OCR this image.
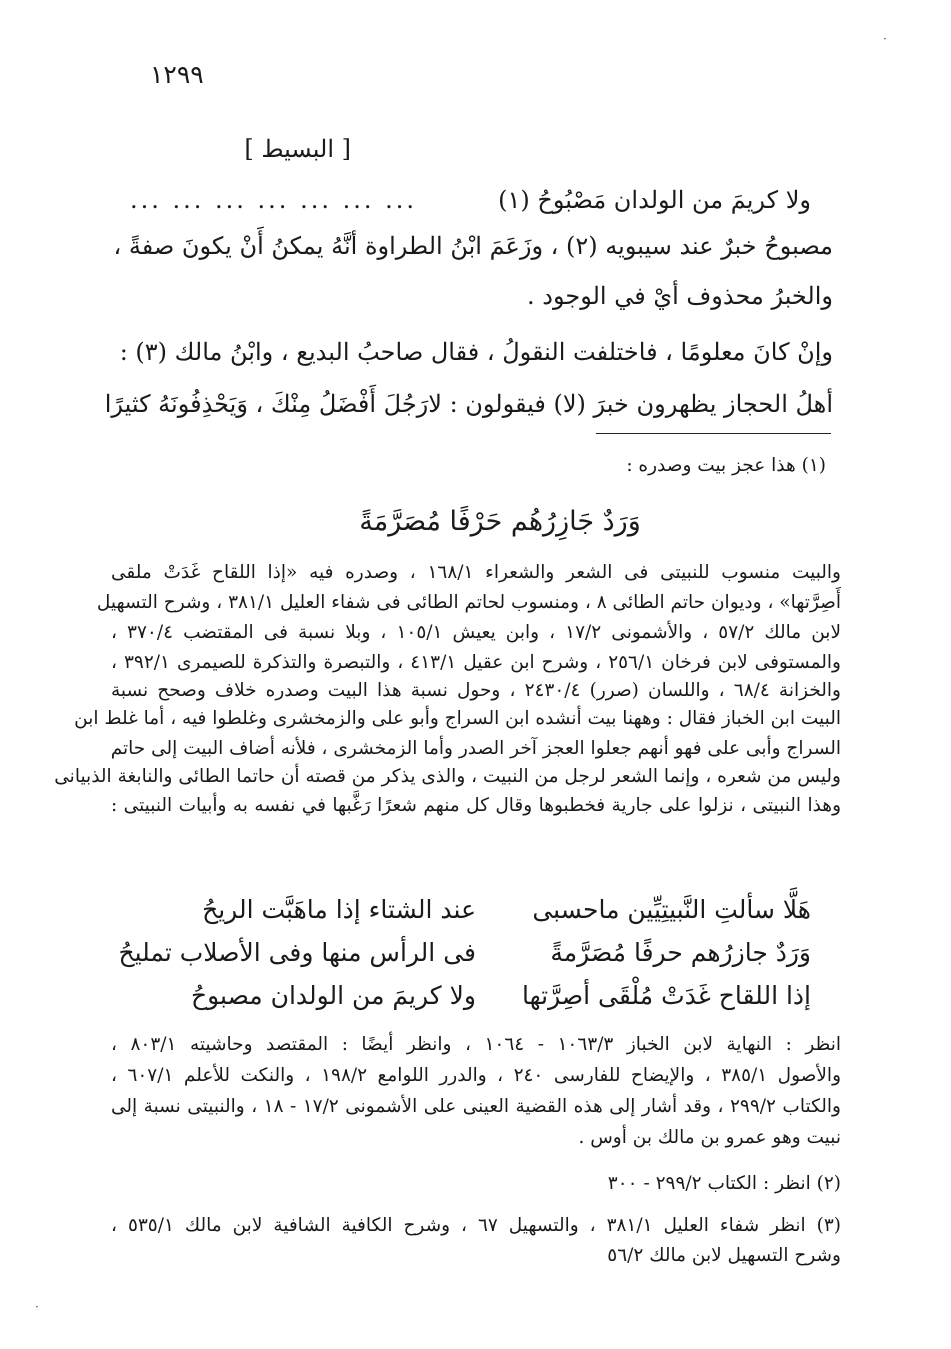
١٢٩٩
[ البسيط ]
... ... ... ... ... ... ...	ولا كريمَ من الولدان مَصْبُوحُ (١)
مصبوحُ خبرٌ عند سيبويه (٢) ، وزَعَمَ ابْنُ الطراوة أنَّهُ يمكنُ أَنْ يكونَ صفةً ،
والخبرُ محذوف أيْ في الوجود .
وإنْ كانَ معلومًا ، فاختلفت النقولُ ، فقال صاحبُ البديع ، وابْنُ مالك (٣) :
أهلُ الحجاز يظهرون خبرَ (لا) فيقولون : لارَجُلَ أَفْضَلُ مِنْكَ ، وَيَحْذِفُونَهُ كثيرًا
(١) هذا عجز بيت وصدره :
وَرَدٌ جَازِرُهُم حَرْفًا مُصَرَّمَةً
والبيت منسوب للنبيتى فى الشعر والشعراء ١٦٨/١ ، وصدره فيه «إذا اللقاح غَدَتْ ملقى
أَصِرَّتها» ، وديوان حاتم الطائى ٨ ، ومنسوب لحاتم الطائى فى شفاء العليل ٣٨١/١ ، وشرح التسهيل
لابن مالك ٥٧/٢ ، والأشمونى ١٧/٢ ، وابن يعيش ١٠٥/١ ، وبلا نسبة فى المقتضب ٣٧٠/٤ ،
والمستوفى لابن فرخان ٢٥٦/١ ، وشرح ابن عقيل ٤١٣/١ ، والتبصرة والتذكرة للصيمرى ٣٩٢/١ ،
والخزانة ٦٨/٤ ، واللسان (صرر) ٢٤٣٠/٤ ، وحول نسبة هذا البيت وصدره خلاف وصحح نسبة
البيت ابن الخباز فقال : وههنا بيت أنشده ابن السراج وأبو على والزمخشرى وغلطوا فيه ، أما غلط ابن
السراج وأبى على فهو أنهم جعلوا العجز آخر الصدر وأما الزمخشرى ، فلأنه أضاف البيت إلى حاتم
وليس من شعره ، وإنما الشعر لرجل من النبيت ، والذى يذكر من قصته أن حاتما الطائى والنابغة الذبيانى
وهذا النبيتى ، نزلوا على جارية فخطبوها وقال كل منهم شعرًا رَغَّبها في نفسه به وأبيات النبيتى :
هَلَّا سألتِ النَّبيتِيِّين ماحسبى
عند الشتاء إذا ماهَبَّت الريحُ
وَرَدٌ جازرُهم حرفًا مُصَرَّمةً
فى الرأس منها وفى الأصلاب تمليحُ
إذا اللقاح غَدَتْ مُلْقَى أصِرَّتها
ولا كريمَ من الولدان مصبوحُ
انظر : النهاية لابن الخباز ١٠٦٣/٣ - ١٠٦٤ ، وانظر أيضًا : المقتصد وحاشيته ٨٠٣/١ ،
والأصول ٣٨٥/١ ، والإيضاح للفارسى ٢٤٠ ، والدرر اللوامع ١٩٨/٢ ، والنكت للأعلم ٦٠٧/١ ،
والكتاب ٢٩٩/٢ ، وقد أشار إلى هذه القضية العينى على الأشمونى ١٧/٢ - ١٨ ، والنبيتى نسبة إلى
نبيت وهو عمرو بن مالك بن أوس .
(٢) انظر : الكتاب ٢٩٩/٢ - ٣٠٠
(٣) انظر شفاء العليل ٣٨١/١ ، والتسهيل ٦٧ ، وشرح الكافية الشافية لابن مالك ٥٣٥/١ ،
وشرح التسهيل لابن مالك ٥٦/٢
·
·
